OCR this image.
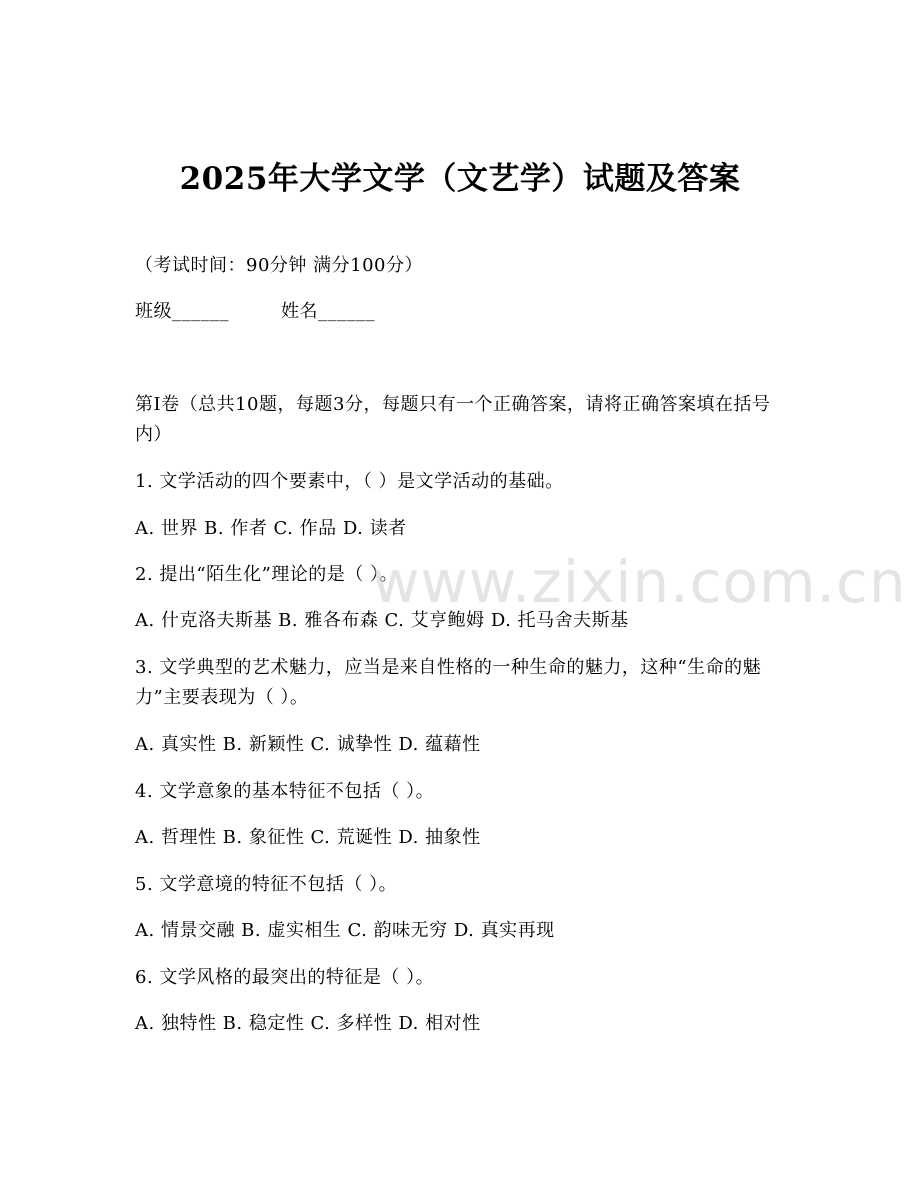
2025年大学文学（文艺学）试题及答案
（考试时间：90分钟 满分100分）
班级______	姓名______
第I卷（总共10题，每题3分，每题只有一个正确答案，请将正确答案填在括号内）
1. 文学活动的四个要素中，（ ）是文学活动的基础。
A. 世界 B. 作者 C. 作品 D. 读者
2. 提出“陌生化”理论的是（ ）。
A. 什克洛夫斯基 B. 雅各布森 C. 艾亨鲍姆 D. 托马舍夫斯基
3. 文学典型的艺术魅力，应当是来自性格的一种生命的魅力，这种“生命的魅力”主要表现为（ ）。
A. 真实性 B. 新颖性 C. 诚挚性 D. 蕴藉性
4. 文学意象的基本特征不包括（ ）。
A. 哲理性 B. 象征性 C. 荒诞性 D. 抽象性
5. 文学意境的特征不包括（ ）。
A. 情景交融 B. 虚实相生 C. 韵味无穷 D. 真实再现
6. 文学风格的最突出的特征是（ ）。
A. 独特性 B. 稳定性 C. 多样性 D. 相对性
www.zixin.com.cn
